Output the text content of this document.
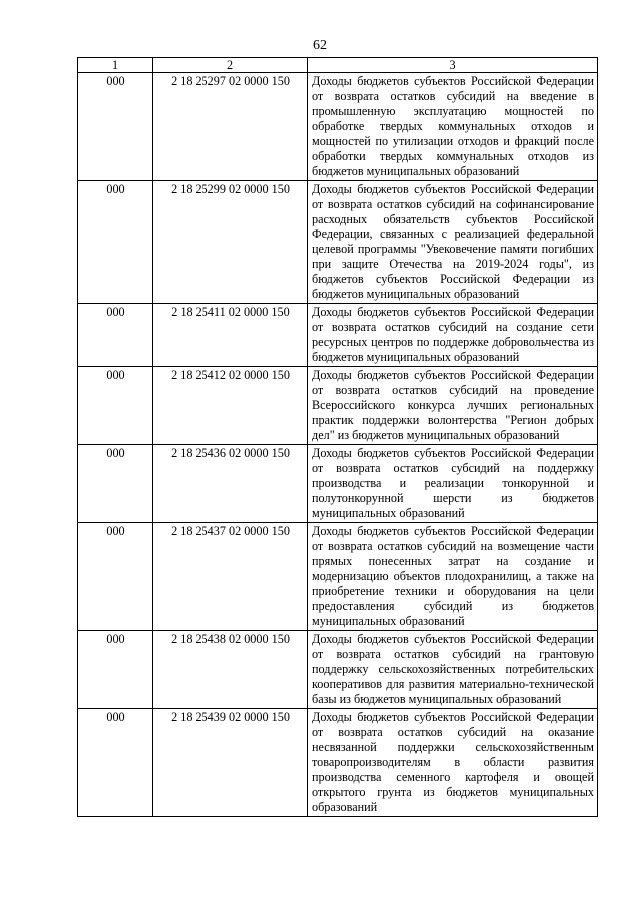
62
1	2	3
000	2 18 25297 02 0000 150	Доходы бюджетов субъектов Российской Федерации от возврата остатков субсидий на введение в промышленную эксплуатацию мощностей по обработке твердых коммунальных отходов и мощностей по утилизации отходов и фракций после обработки твердых коммунальных отходов из бюджетов муниципальных образований
000	2 18 25299 02 0000 150	Доходы бюджетов субъектов Российской Федерации от возврата остатков субсидий на софинансирование расходных обязательств субъектов Российской Федерации, связанных с реализацией федеральной целевой программы "Увековечение памяти погибших при защите Отечества на 2019-2024 годы", из бюджетов субъектов Российской Федерации из бюджетов муниципальных образований
000	2 18 25411 02 0000 150	Доходы бюджетов субъектов Российской Федерации от возврата остатков субсидий на создание сети ресурсных центров по поддержке добровольчества из бюджетов муниципальных образований
000	2 18 25412 02 0000 150	Доходы бюджетов субъектов Российской Федерации от возврата остатков субсидий на проведение Всероссийского конкурса лучших региональных практик поддержки волонтерства "Регион добрых дел" из бюджетов муниципальных образований
000	2 18 25436 02 0000 150	Доходы бюджетов субъектов Российской Федерации от возврата остатков субсидий на поддержку производства и реализации тонкорунной и полутонкорунной шерсти из бюджетов муниципальных образований
000	2 18 25437 02 0000 150	Доходы бюджетов субъектов Российской Федерации от возврата остатков субсидий на возмещение части прямых понесенных затрат на создание и модернизацию объектов плодохранилищ, а также на приобретение техники и оборудования на цели предоставления субсидий из бюджетов муниципальных образований
000	2 18 25438 02 0000 150	Доходы бюджетов субъектов Российской Федерации от возврата остатков субсидий на грантовую поддержку сельскохозяйственных потребительских кооперативов для развития материально-технической базы из бюджетов муниципальных образований
000	2 18 25439 02 0000 150	Доходы бюджетов субъектов Российской Федерации от возврата остатков субсидий на оказание несвязанной поддержки сельскохозяйственным товаропроизводителям в области развития производства семенного картофеля и овощей открытого грунта из бюджетов муниципальных образований
